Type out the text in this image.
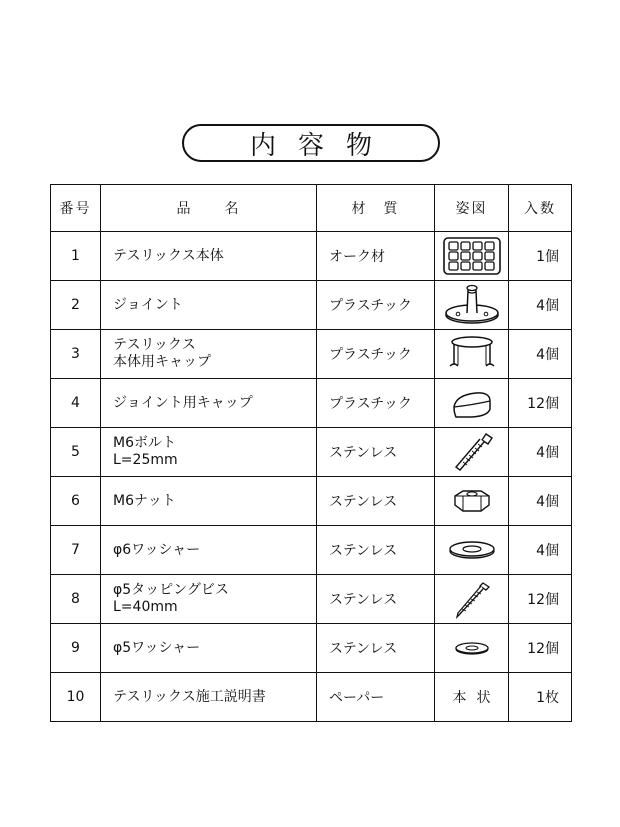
内容物
番号	品　　名	材　質	姿図	入数
1	テスリックス本体	オーク材		1個
2	ジョイント	プラスチック		4個
3	テスリックス
本体用キャップ	プラスチック		4個
4	ジョイント用キャップ	プラスチック		12個
5	M6ボルト
L=25mm	ステンレス		4個
6	M6ナット	ステンレス		4個
7	φ6ワッシャー	ステンレス		4個
8	φ5タッピングビス
L=40mm	ステンレス		12個
9	φ5ワッシャー	ステンレス		12個
10	テスリックス施工説明書	ペーパー	本状	1枚
